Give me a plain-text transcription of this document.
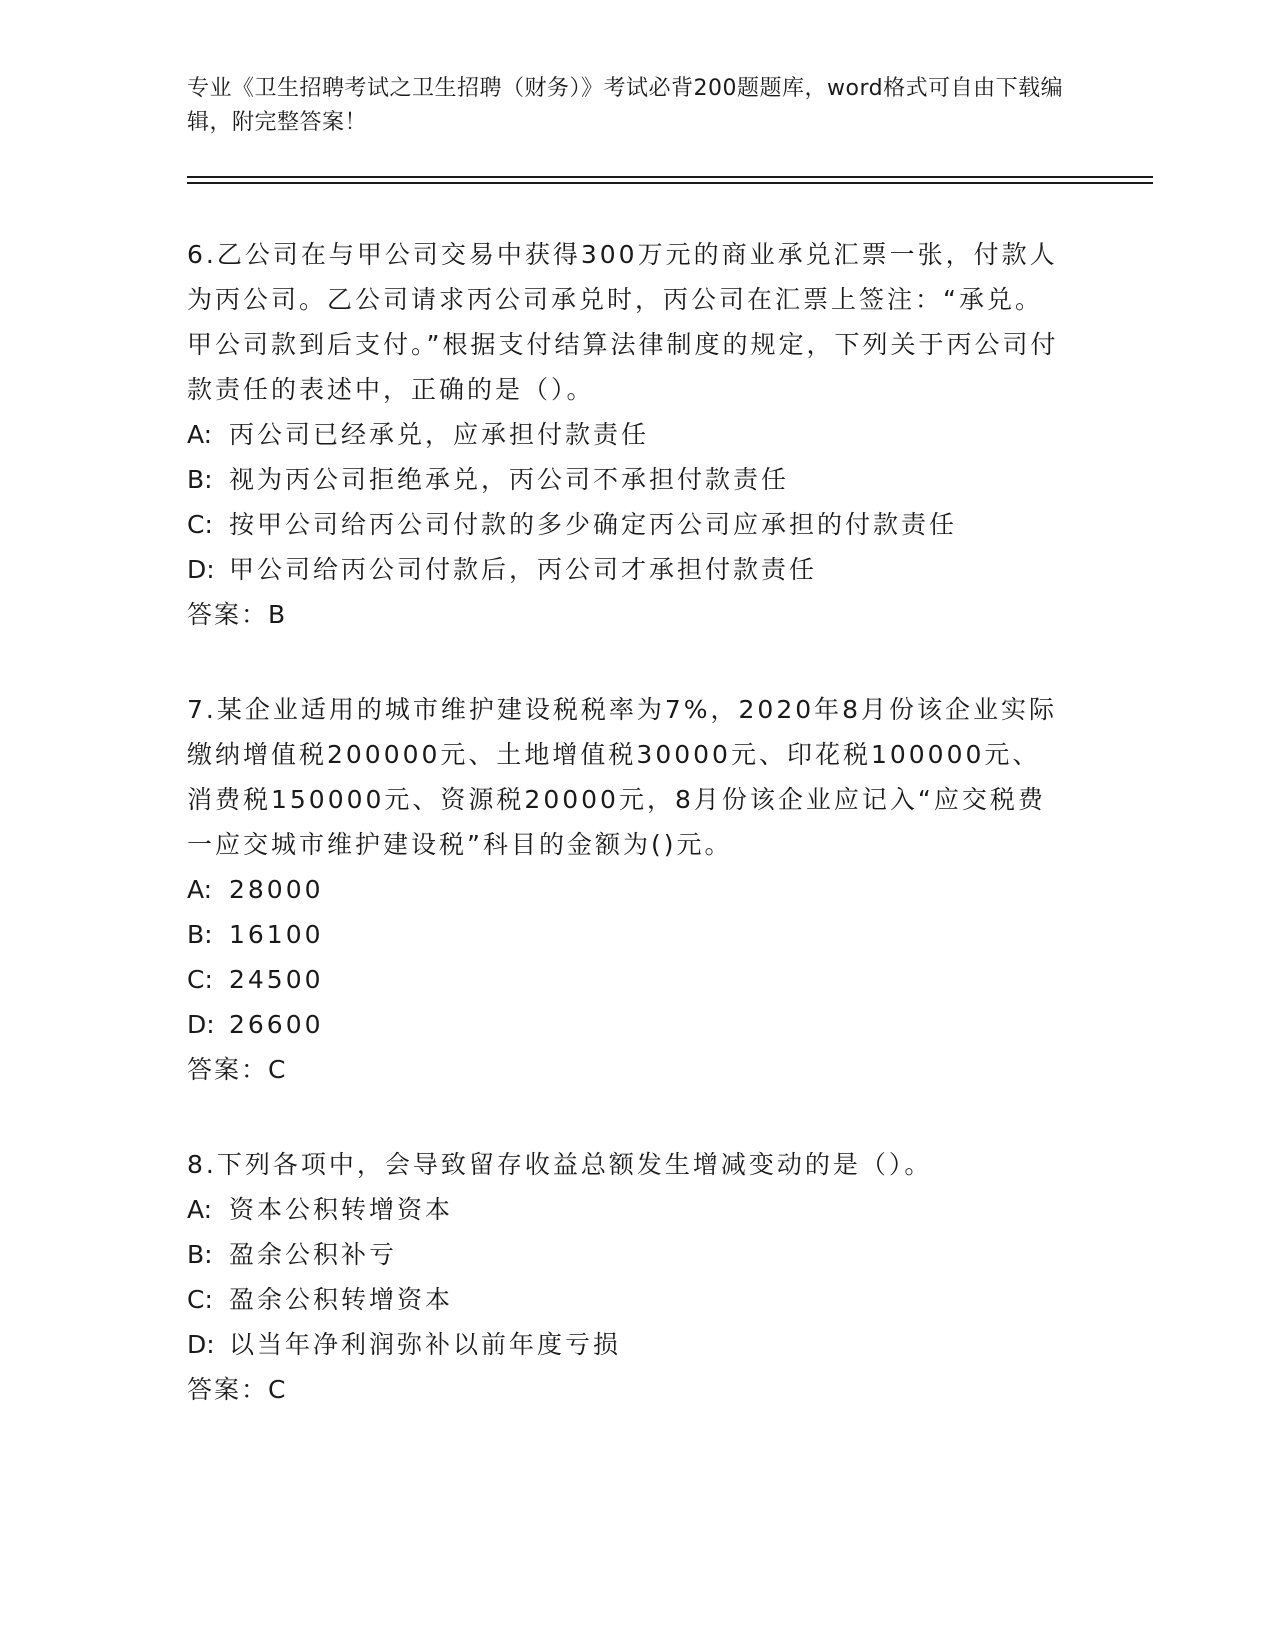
专业《卫生招聘考试之卫生招聘（财务）》考试必背200题题库，word格式可自由下载编辑，附完整答案！
6.乙公司在与甲公司交易中获得300万元的商业承兑汇票一张，付款人为丙公司。乙公司请求丙公司承兑时，丙公司在汇票上签注：“承兑。甲公司款到后支付。”根据支付结算法律制度的规定，下列关于丙公司付款责任的表述中，正确的是（）。
A: 丙公司已经承兑，应承担付款责任
B: 视为丙公司拒绝承兑，丙公司不承担付款责任
C: 按甲公司给丙公司付款的多少确定丙公司应承担的付款责任
D: 甲公司给丙公司付款后，丙公司才承担付款责任
答案：B
7.某企业适用的城市维护建设税税率为7%，2020年8月份该企业实际缴纳增值税200000元、土地增值税30000元、印花税100000元、消费税150000元、资源税20000元，8月份该企业应记入“应交税费一应交城市维护建设税”科目的金额为()元。
A: 28000
B: 16100
C: 24500
D: 26600
答案：C
8.下列各项中，会导致留存收益总额发生增减变动的是（）。
A: 资本公积转增资本
B: 盈余公积补亏
C: 盈余公积转增资本
D: 以当年净利润弥补以前年度亏损
答案：C
